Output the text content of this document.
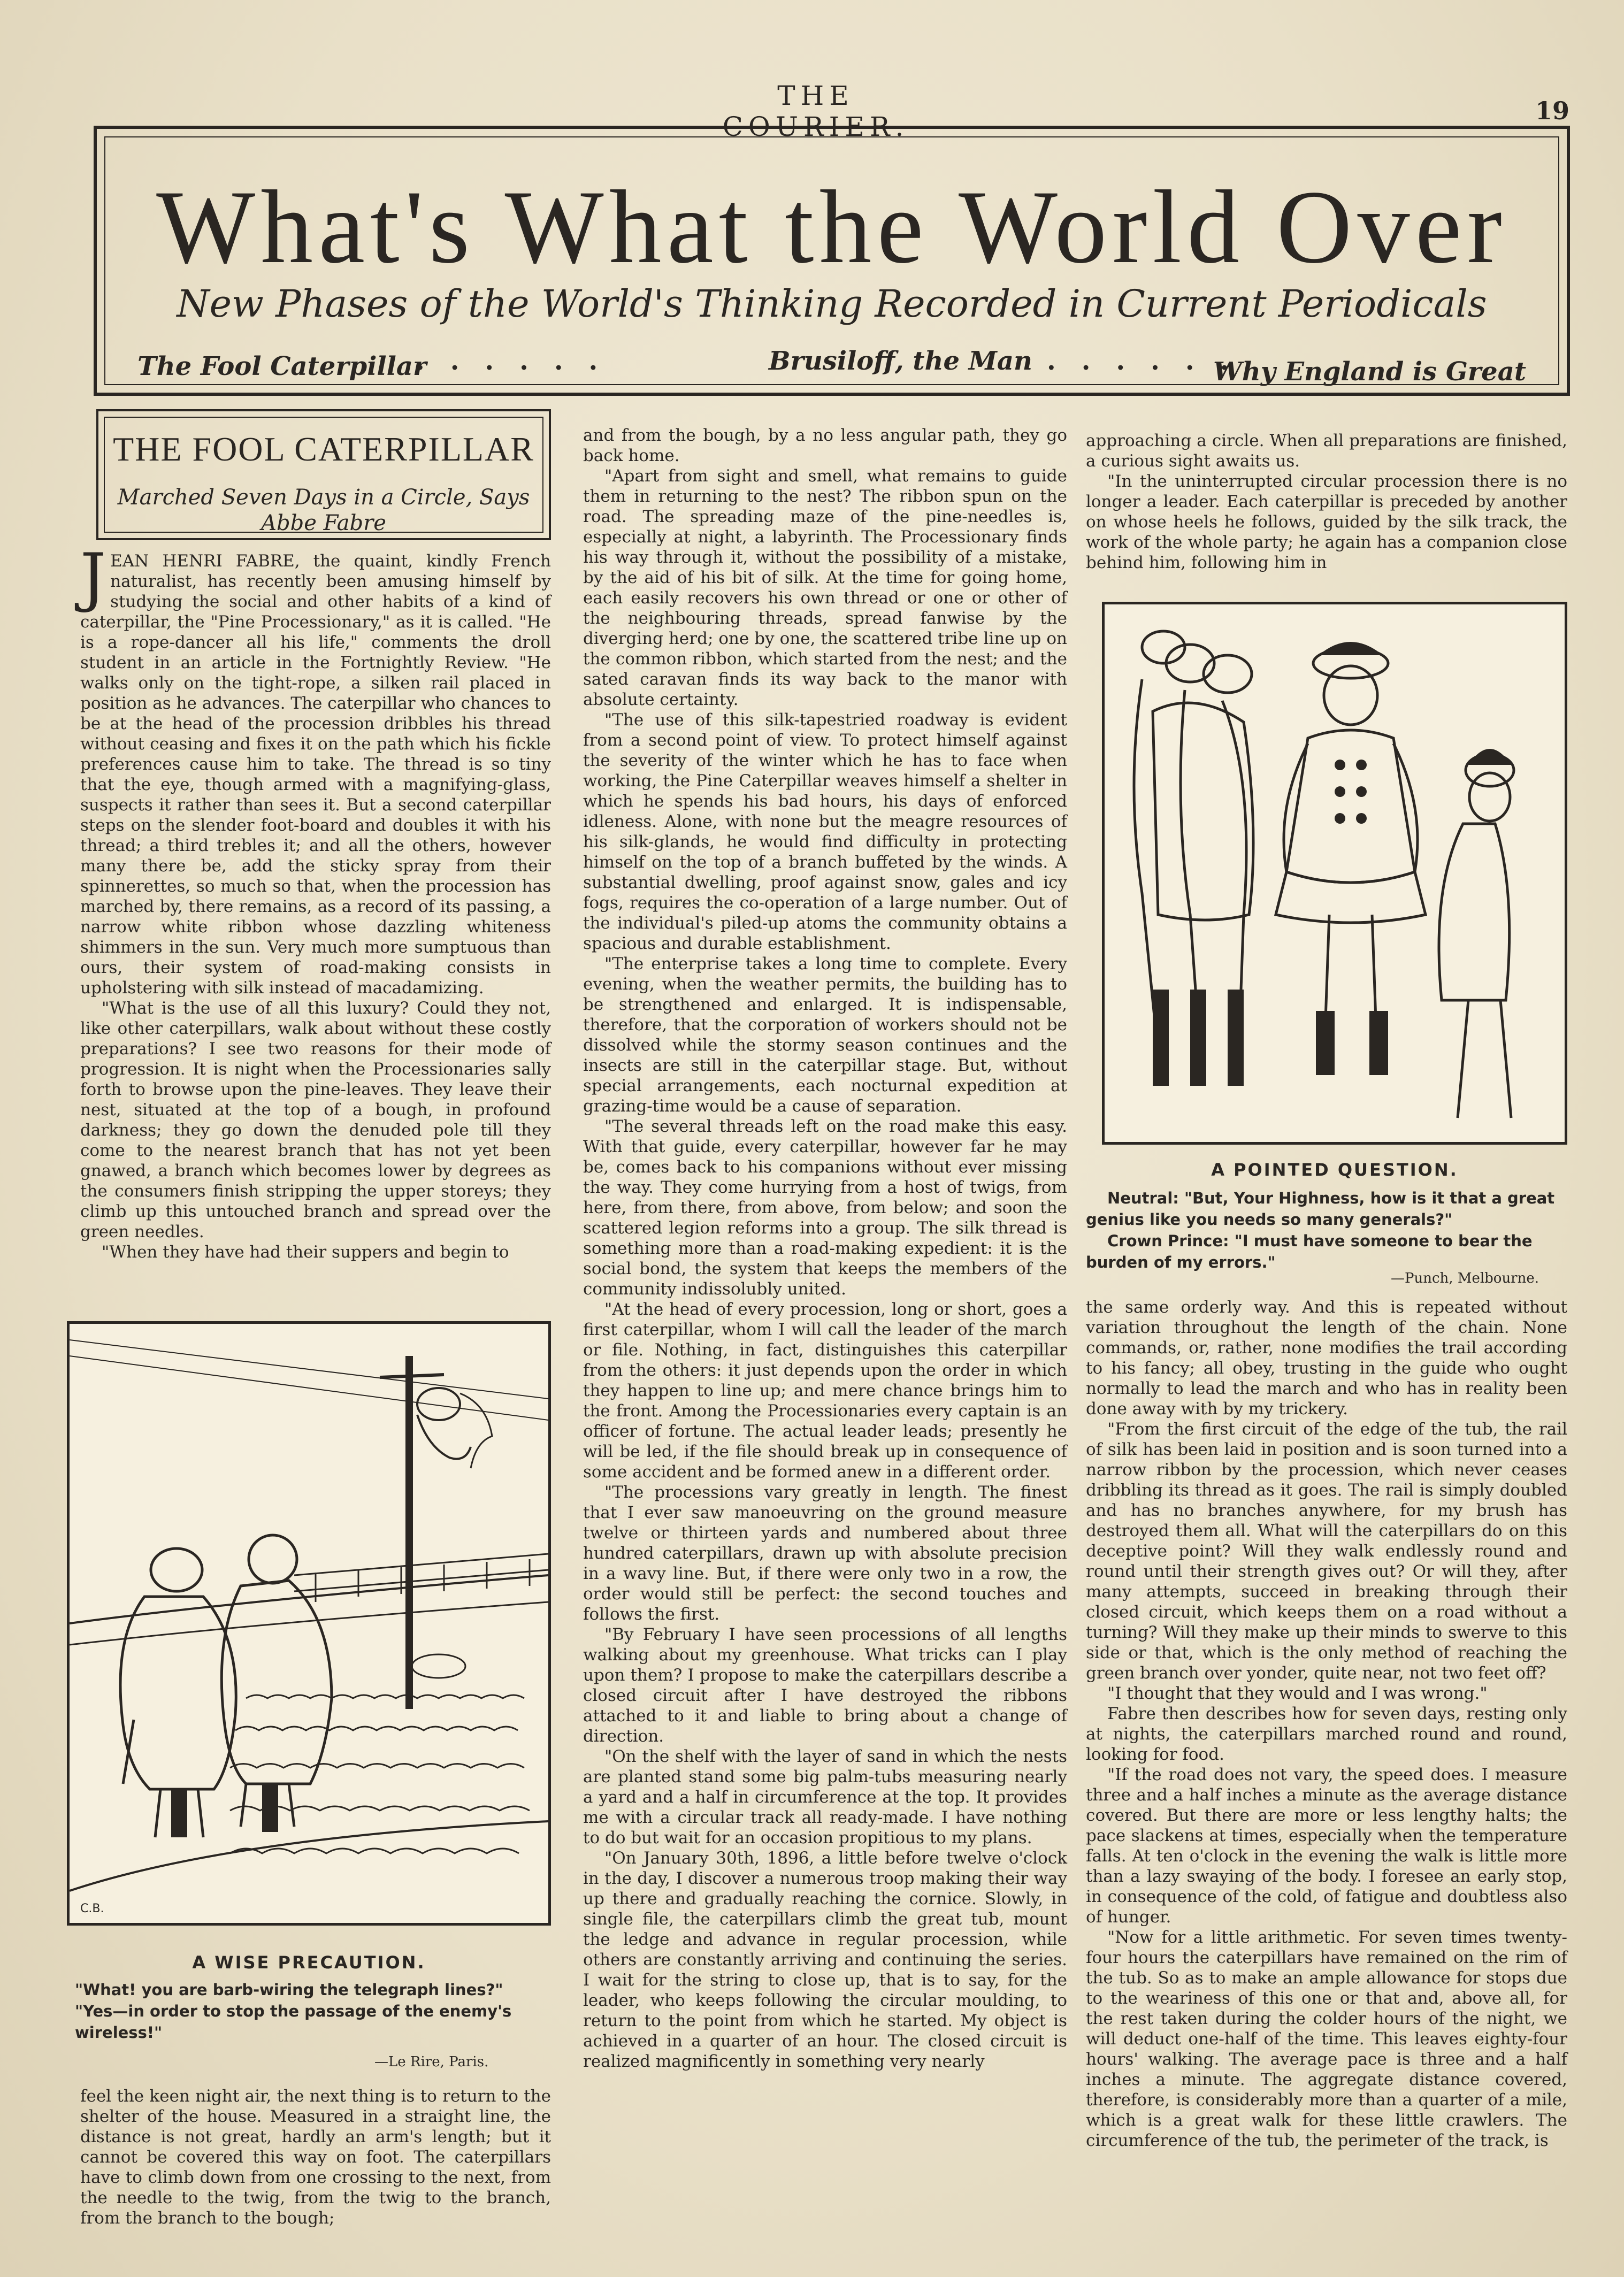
THE COURIER.
19
What's What the World Over
New Phases of the World's Thinking Recorded in Current Periodicals
The Fool Caterpillar
......	Brusiloff, the Man ......
Why England is Great
THE FOOL CATERPILLAR
Marched Seven Days in a Circle, Says
Abbe Fabre

JEAN HENRI FABRE, the quaint, kindly French naturalist, has recently been amusing himself by studying the social and other habits of a kind of caterpillar, the "Pine Processionary," as it is called. "He is a rope-dancer all his life," comments the droll student in an article in the Fortnightly Review. "He walks only on the tight-rope, a silken rail placed in position as he advances. The caterpillar who chances to be at the head of the procession dribbles his thread without ceasing and fixes it on the path which his fickle preferences cause him to take. The thread is so tiny that the eye, though armed with a magnifying-glass, suspects it rather than sees it. But a second caterpillar steps on the slender foot-board and doubles it with his thread; a third trebles it; and all the others, however many there be, add the sticky spray from their spinnerettes, so much so that, when the procession has marched by, there remains, as a record of its passing, a narrow white ribbon whose dazzling whiteness shimmers in the sun. Very much more sumptuous than ours, their system of road-making consists in upholstering with silk instead of macadamizing.

"What is the use of all this luxury? Could they not, like other caterpillars, walk about without these costly preparations? I see two reasons for their mode of progression. It is night when the Processionaries sally forth to browse upon the pine-leaves. They leave their nest, situated at the top of a bough, in profound darkness; they go down the denuded pole till they come to the nearest branch that has not yet been gnawed, a branch which becomes lower by degrees as the consumers finish stripping the upper storeys; they climb up this untouched branch and spread over the green needles.

"When they have had their suppers and begin to

C.B.
A WISE PRECAUTION.
"What! you are barb-wiring the telegraph lines?"
"Yes—in order to stop the passage of the enemy's wireless!"
—Le Rire, Paris.

feel the keen night air, the next thing is to return to the shelter of the house. Measured in a straight line, the distance is not great, hardly an arm's length; but it cannot be covered this way on foot. The caterpillars have to climb down from one crossing to the next, from the needle to the twig, from the twig to the branch, from the branch to the bough;

and from the bough, by a no less angular path, they go back home.

"Apart from sight and smell, what remains to guide them in returning to the nest? The ribbon spun on the road. The spreading maze of the pine-needles is, especially at night, a labyrinth. The Processionary finds his way through it, without the possibility of a mistake, by the aid of his bit of silk. At the time for going home, each easily recovers his own thread or one or other of the neighbouring threads, spread fanwise by the diverging herd; one by one, the scattered tribe line up on the common ribbon, which started from the nest; and the sated caravan finds its way back to the manor with absolute certainty.

"The use of this silk-tapestried roadway is evident from a second point of view. To protect himself against the severity of the winter which he has to face when working, the Pine Caterpillar weaves himself a shelter in which he spends his bad hours, his days of enforced idleness. Alone, with none but the meagre resources of his silk-glands, he would find difficulty in protecting himself on the top of a branch buffeted by the winds. A substantial dwelling, proof against snow, gales and icy fogs, requires the co-operation of a large number. Out of the individual's piled-up atoms the community obtains a spacious and durable establishment.

"The enterprise takes a long time to complete. Every evening, when the weather permits, the building has to be strengthened and enlarged. It is indispensable, therefore, that the corporation of workers should not be dissolved while the stormy season continues and the insects are still in the caterpillar stage. But, without special arrangements, each nocturnal expedition at grazing-time would be a cause of separation.

"The several threads left on the road make this easy. With that guide, every caterpillar, however far he may be, comes back to his companions without ever missing the way. They come hurrying from a host of twigs, from here, from there, from above, from below; and soon the scattered legion reforms into a group. The silk thread is something more than a road-making expedient: it is the social bond, the system that keeps the members of the community indissolubly united.

"At the head of every procession, long or short, goes a first caterpillar, whom I will call the leader of the march or file. Nothing, in fact, distinguishes this caterpillar from the others: it just depends upon the order in which they happen to line up; and mere chance brings him to the front. Among the Processionaries every captain is an officer of fortune. The actual leader leads; presently he will be led, if the file should break up in consequence of some accident and be formed anew in a different order.

"The processions vary greatly in length. The finest that I ever saw manoeuvring on the ground measure twelve or thirteen yards and numbered about three hundred caterpillars, drawn up with absolute precision in a wavy line. But, if there were only two in a row, the order would still be perfect: the second touches and follows the first.

"By February I have seen processions of all lengths walking about my greenhouse. What tricks can I play upon them? I propose to make the caterpillars describe a closed circuit after I have destroyed the ribbons attached to it and liable to bring about a change of direction.

"On the shelf with the layer of sand in which the nests are planted stand some big palm-tubs measuring nearly a yard and a half in circumference at the top. It provides me with a circular track all ready-made. I have nothing to do but wait for an occasion propitious to my plans.

"On January 30th, 1896, a little before twelve o'clock in the day, I discover a numerous troop making their way up there and gradually reaching the cornice. Slowly, in single file, the caterpillars climb the great tub, mount the ledge and advance in regular procession, while others are constantly arriving and continuing the series. I wait for the string to close up, that is to say, for the leader, who keeps following the circular moulding, to return to the point from which he started. My object is achieved in a quarter of an hour. The closed circuit is realized magnificently in something very nearly

approaching a circle. When all preparations are finished, a curious sight awaits us.

"In the uninterrupted circular procession there is no longer a leader. Each caterpillar is preceded by another on whose heels he follows, guided by the silk track, the work of the whole party; he again has a companion close behind him, following him in

A POINTED QUESTION.
Neutral: "But, Your Highness, how is it that a great genius like you needs so many generals?"
Crown Prince: "I must have someone to bear the burden of my errors."
—Punch, Melbourne.

the same orderly way. And this is repeated without variation throughout the length of the chain. None commands, or, rather, none modifies the trail according to his fancy; all obey, trusting in the guide who ought normally to lead the march and who has in reality been done away with by my trickery.

"From the first circuit of the edge of the tub, the rail of silk has been laid in position and is soon turned into a narrow ribbon by the procession, which never ceases dribbling its thread as it goes. The rail is simply doubled and has no branches anywhere, for my brush has destroyed them all. What will the caterpillars do on this deceptive point? Will they walk endlessly round and round until their strength gives out? Or will they, after many attempts, succeed in breaking through their closed circuit, which keeps them on a road without a turning? Will they make up their minds to swerve to this side or that, which is the only method of reaching the green branch over yonder, quite near, not two feet off?

"I thought that they would and I was wrong."

Fabre then describes how for seven days, resting only at nights, the caterpillars marched round and round, looking for food.

"If the road does not vary, the speed does. I measure three and a half inches a minute as the average distance covered. But there are more or less lengthy halts; the pace slackens at times, especially when the temperature falls. At ten o'clock in the evening the walk is little more than a lazy swaying of the body. I foresee an early stop, in consequence of the cold, of fatigue and doubtless also of hunger.

"Now for a little arithmetic. For seven times twenty-four hours the caterpillars have remained on the rim of the tub. So as to make an ample allowance for stops due to the weariness of this one or that and, above all, for the rest taken during the colder hours of the night, we will deduct one-half of the time. This leaves eighty-four hours' walking. The average pace is three and a half inches a minute. The aggregate distance covered, therefore, is considerably more than a quarter of a mile, which is a great walk for these little crawlers. The circumference of the tub, the perimeter of the track, is
